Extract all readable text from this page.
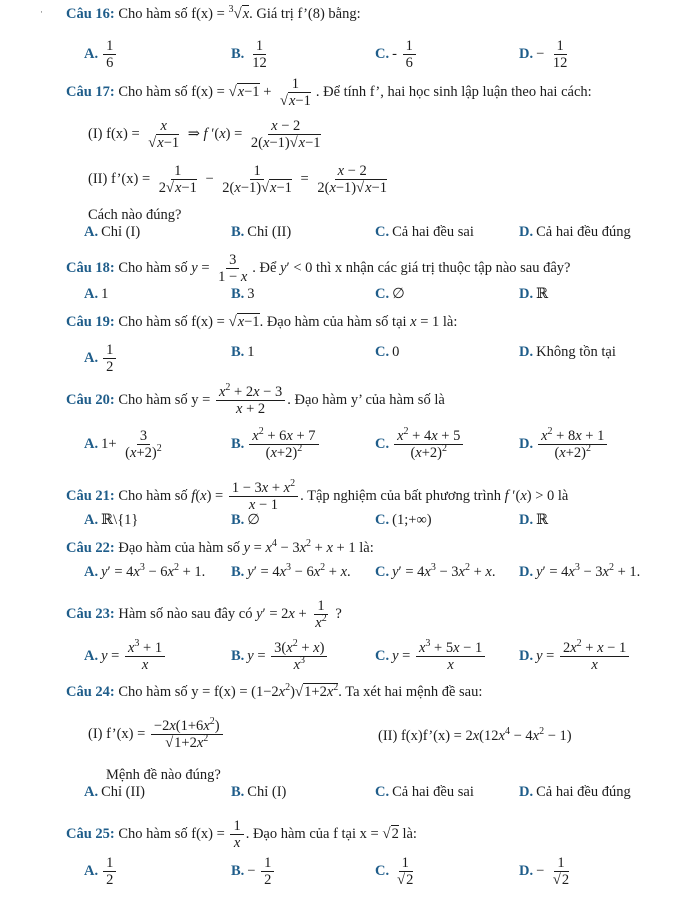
· Câu 16: Cho hàm số f(x) = $^3$√x. Giá trị f’(8) bằng:
A. $\frac{1}{6}$	B. $\frac{1}{12}$	C. - $\frac{1}{6}$	D. − $\frac{1}{12}$
Câu 17: Cho hàm số $f(x) = √x-1 + \frac{1}{√x-1}$ . Để tính f’, hai học sinh lập luận theo hai cách:
(I) $f(x) = \frac{x}{√x-1}$ ⇒ f $'(x) = \frac{x - 2}{2(x-1)√x-1}$
(II) f’(x) = $\frac{1}{2√x-1} - \frac{1}{2(x-1)√x-1} = \frac{x - 2}{2(x-1)√x-1}$
Cách nào đúng?
A. Chỉ (I)	B. Chỉ (II)	C. Cả hai đều sai	D. Cả hai đều đúng
Câu 18: Cho hàm số $y = \frac{3}{1 - x}$ . Để y′ < 0 thì x nhận các giá trị thuộc tập nào sau đây?
A. 1	B. 3	C. ∅	D. ℝ
Câu 19: Cho hàm số f(x) = √x−1. Đạo hàm của hàm số tại x = 1 là:
A. $\frac{1}{2}$	B. 1	C. 0	D. Không tồn tại
Câu 20: Cho hàm số $y = \frac{x^2 + 2x - 3}{x + 2}$ . Đạo hàm y’ của hàm số là
A. $1+ \frac{3}{(x+2)^2}$	B. $\frac{x^2 + 6x + 7}{(x+2)^2}$	C. $\frac{x^2 + 4x + 5}{(x+2)^2}$	D. $\frac{x^2 + 8x + 1}{(x+2)^2}$
Câu 21: Cho hàm số $f(x) = \frac{1 - 3x + x^2}{x - 1}$ . Tập nghiệm của bất phương trình f ′(x) > 0 là
A. ℝ\{1}	B. ∅	C. (1;+∞)	D. ℝ
Câu 22: Đạo hàm của hàm số $y = x^4 - 3x^2 + x + 1$ là:
A. $y' = 4x^3 - 6x^2 + 1$. B. $y' = 4x^3 - 6x^2 + x$. C. $y' = 4x^3 - 3x^2 + x$. D. $y' = 4x^3 - 3x^2 + 1$.
Câu 23: Hàm số nào sau đây có $y' = 2x + \frac{1}{x^2}$ ?
A. $y = \frac{x^3 + 1}{x}$	B. $y = \frac{3(x^2 + x)}{x^3}$	C. $y = \frac{x^3 + 5x - 1}{x} D$. $y = \frac{2x^2 + x - 1}{x}$
Câu 24: Cho hàm số $y = f(x) = (1-2x^2)√1+2x^2$. Ta xét hai mệnh đề sau:
(I) f’(x) = $\frac{-2x(1+6x^2)}{√1+2x^2}$	(II) f(x)f’(x) = $2x(12x^4 - 4x^2 - 1)$
Mệnh đề nào đúng?
A. Chỉ (II)	B. Chỉ (I)	C. Cả hai đều sai	D. Cả hai đều đúng
Câu 25: Cho hàm số $f(x) = \frac{1}{x}$ . Đạo hàm của f tại x = √2 là:
A. $\frac{1}{2}$	B. − $\frac{1}{2}$	C. $\frac{1}{√2}$	D. − $\frac{1}{√2}$
